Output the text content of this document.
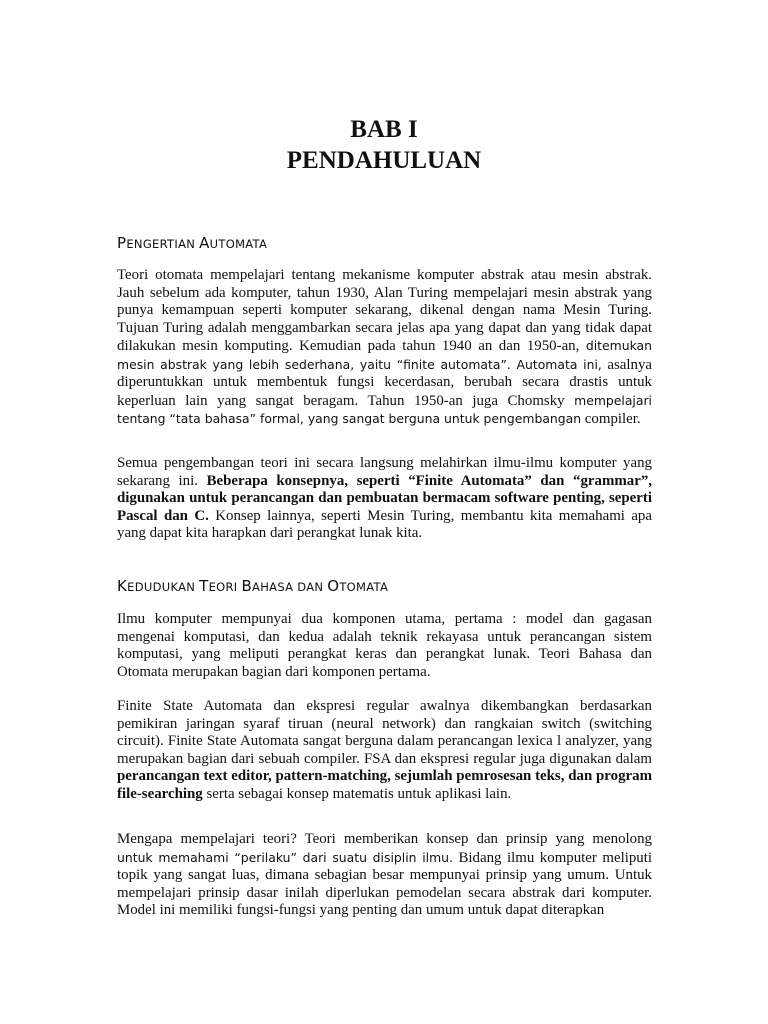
BAB I
PENDAHULUAN
PENGERTIAN AUTOMATA

Teori otomata mempelajari tentang mekanisme komputer abstrak atau mesin abstrak. Jauh sebelum ada komputer, tahun 1930, Alan Turing mempelajari mesin abstrak yang punya kemampuan seperti komputer sekarang, dikenal dengan nama Mesin Turing. Tujuan Turing adalah menggambarkan secara jelas apa yang dapat dan yang tidak dapat dilakukan mesin komputing. Kemudian pada tahun 1940 an dan 1950-an, ditemukan mesin abstrak yang lebih sederhana, yaitu “finite automata”. Automata ini, asalnya diperuntukkan untuk membentuk fungsi kecerdasan, berubah secara drastis untuk keperluan lain yang sangat beragam. Tahun 1950-an juga Chomsky mempelajari tentang “tata bahasa” formal, yang sangat berguna untuk pengembangan compiler.

Semua pengembangan teori ini secara langsung melahirkan ilmu-ilmu komputer yang sekarang ini. Beberapa konsepnya, seperti “Finite Automata” dan “grammar”, digunakan untuk perancangan dan pembuatan bermacam software penting, seperti Pascal dan C. Konsep lainnya, seperti Mesin Turing, membantu kita memahami apa yang dapat kita harapkan dari perangkat lunak kita.

KEDUDUKAN TEORI BAHASA DAN OTOMATA

Ilmu komputer mempunyai dua komponen utama, pertama : model dan gagasan mengenai komputasi, dan kedua adalah teknik rekayasa untuk perancangan sistem komputasi, yang meliputi perangkat keras dan perangkat lunak. Teori Bahasa dan Otomata merupakan bagian dari komponen pertama.

Finite State Automata dan ekspresi regular awalnya dikembangkan berdasarkan pemikiran jaringan syaraf tiruan (neural network) dan rangkaian switch (switching circuit). Finite State Automata sangat berguna dalam perancangan lexica l analyzer, yang merupakan bagian dari sebuah compiler. FSA dan ekspresi regular juga digunakan dalam perancangan text editor, pattern-matching, sejumlah pemrosesan teks, dan program file-searching serta sebagai konsep matematis untuk aplikasi lain.

Mengapa mempelajari teori? Teori memberikan konsep dan prinsip yang menolong untuk memahami “perilaku” dari suatu disiplin ilmu. Bidang ilmu komputer meliputi topik yang sangat luas, dimana sebagian besar mempunyai prinsip yang umum. Untuk mempelajari prinsip dasar inilah diperlukan pemodelan secara abstrak dari komputer. Model ini memiliki fungsi-fungsi yang penting dan umum untuk dapat diterapkan
